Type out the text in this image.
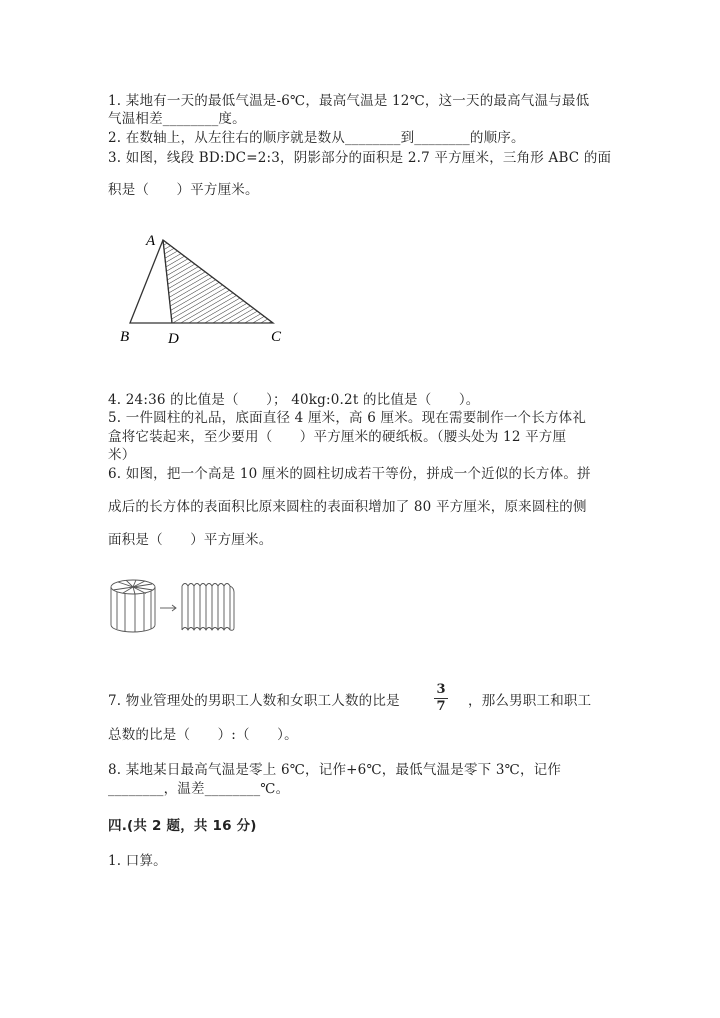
1. 某地有一天的最低气温是-6℃，最高气温是 12℃，这一天的最高气温与最低
气温相差________度。
2. 在数轴上，从左往右的顺序就是数从________到________的顺序。
3. 如图，线段 BD:DC=2:3，阴影部分的面积是 2.7 平方厘米，三角形 ABC 的面
积是（　　）平方厘米。
A
B	D	C
4. 24:36 的比值是（　　）； 40kg:0.2t 的比值是（　　）。
5. 一件圆柱的礼品，底面直径 4 厘米，高 6 厘米。现在需要制作一个长方体礼
盒将它装起来，至少要用（　　）平方厘米的硬纸板。（腰头处为 12 平方厘
米）
6. 如图，把一个高是 10 厘米的圆柱切成若干等份，拼成一个近似的长方体。拼
成后的长方体的表面积比原来圆柱的表面积增加了 80 平方厘米，原来圆柱的侧
面积是（　　）平方厘米。
7. 物业管理处的男职工人数和女职工人数的比是
3
7 ，那么男职工和职工
总数的比是（　　）:（　　）。
8. 某地某日最高气温是零上 6℃，记作+6℃，最低气温是零下 3℃，记作
________，温差________℃。
四.(共 2 题，共 16 分)
1. 口算。
